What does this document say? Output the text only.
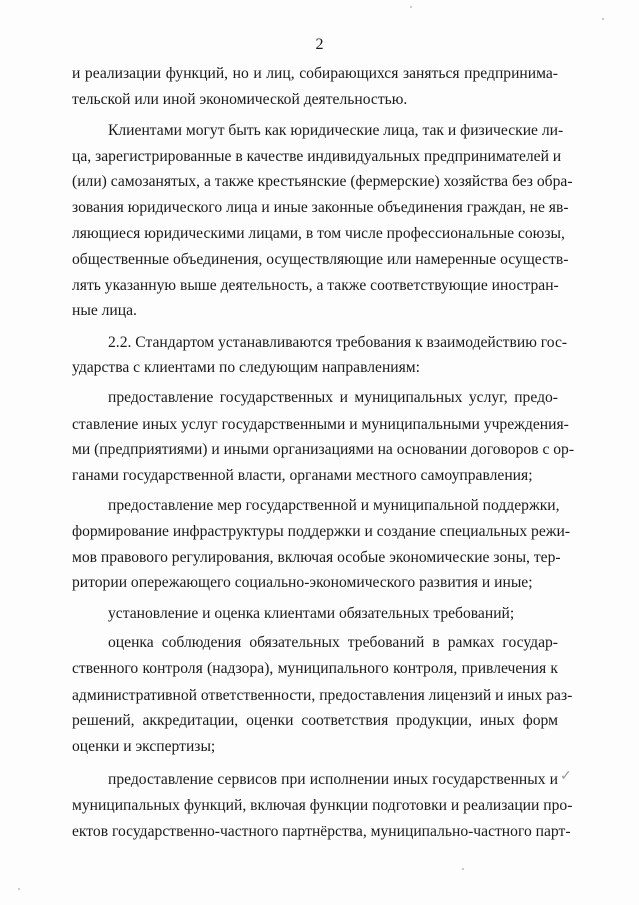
2
и реализации функций, но и лиц, собирающихся заняться предпринима-
тельской или иной экономической деятельностью.
Клиентами могут быть как юридические лица, так и физические ли-
ца, зарегистрированные в качестве индивидуальных предпринимателей и
(или) самозанятых, а также крестьянские (фермерские) хозяйства без обра-
зования юридического лица и иные законные объединения граждан, не яв-
ляющиеся юридическими лицами, в том числе профессиональные союзы,
общественные объединения, осуществляющие или намеренные осуществ-
лять указанную выше деятельность, а также соответствующие иностран-
ные лица.
2.2. Стандартом устанавливаются требования к взаимодействию гос-
ударства с клиентами по следующим направлениям:
предоставление государственных и муниципальных услуг, предо-
ставление иных услуг государственными и муниципальными учреждения-
ми (предприятиями) и иными организациями на основании договоров с ор-
ганами государственной власти, органами местного самоуправления;
предоставление мер государственной и муниципальной поддержки,
формирование инфраструктуры поддержки и создание специальных режи-
мов правового регулирования, включая особые экономические зоны, тер-
ритории опережающего социально-экономического развития и иные;
установление и оценка клиентами обязательных требований;
оценка соблюдения обязательных требований в рамках государ-
ственного контроля (надзора), муниципального контроля, привлечения к
административной ответственности, предоставления лицензий и иных раз-
решений, аккредитации, оценки соответствия продукции, иных форм
оценки и экспертизы;
предоставление сервисов при исполнении иных государственных и
муниципальных функций, включая функции подготовки и реализации про-
ектов государственно-частного партнёрства, муниципально-частного парт-
✓
